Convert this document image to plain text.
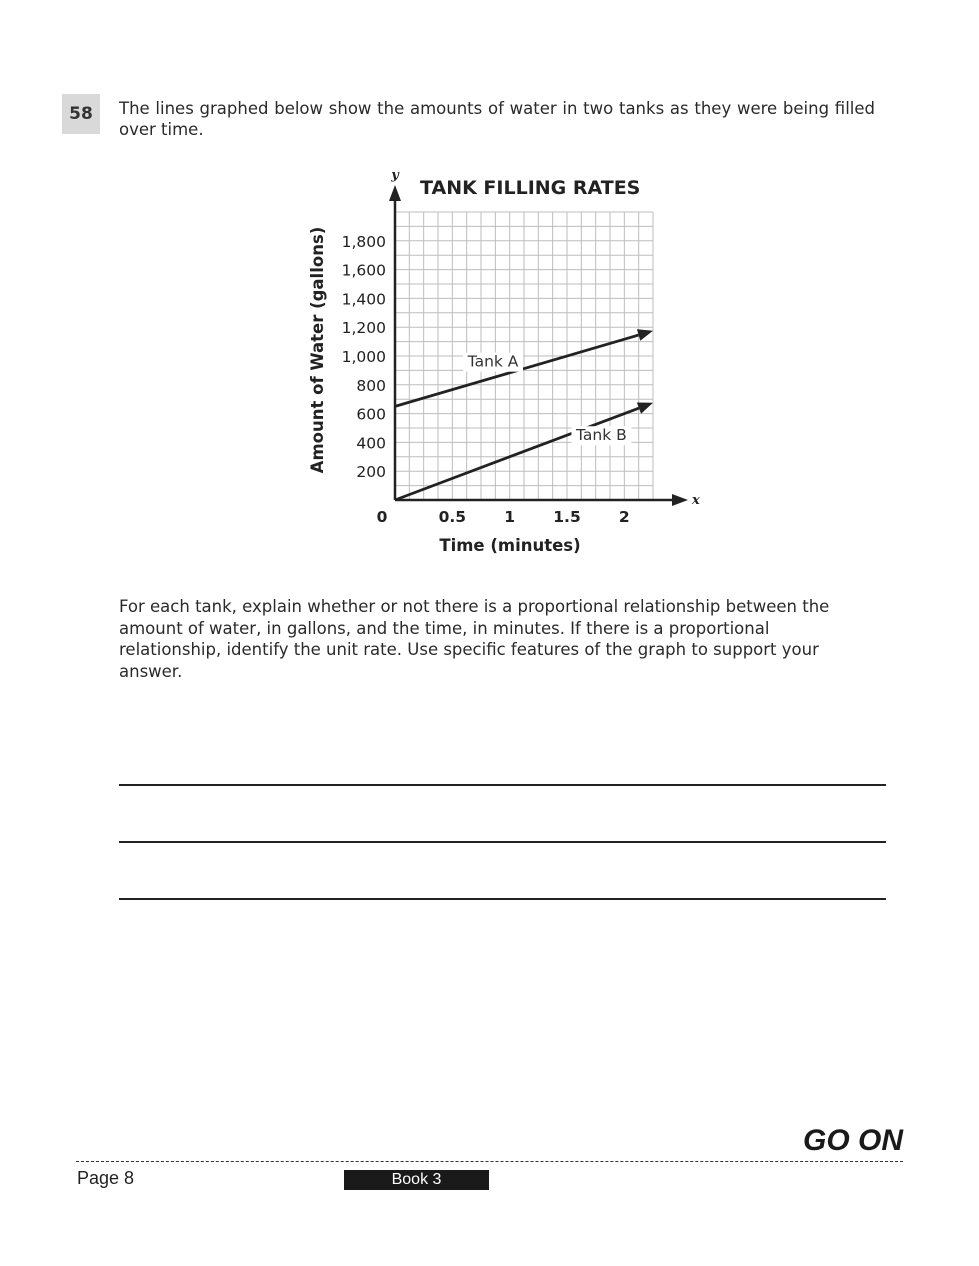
58	The lines graphed below show the amounts of water in two tanks as they were being filled over time.
y
x
TANK FILLING RATES
200
400
600
800
1,000
1,200
1,400
1,600
1,800
0	0.5 1 1.5 2
Time (minutes)
Amount of Water (gallons)	Tank A
Tank B
For each tank, explain whether or not there is a proportional relationship between the amount of water, in gallons, and the time, in minutes. If there is a proportional relationship, identify the unit rate. Use specific features of the graph to support your answer.
GO ON
Page 8	Book 3
